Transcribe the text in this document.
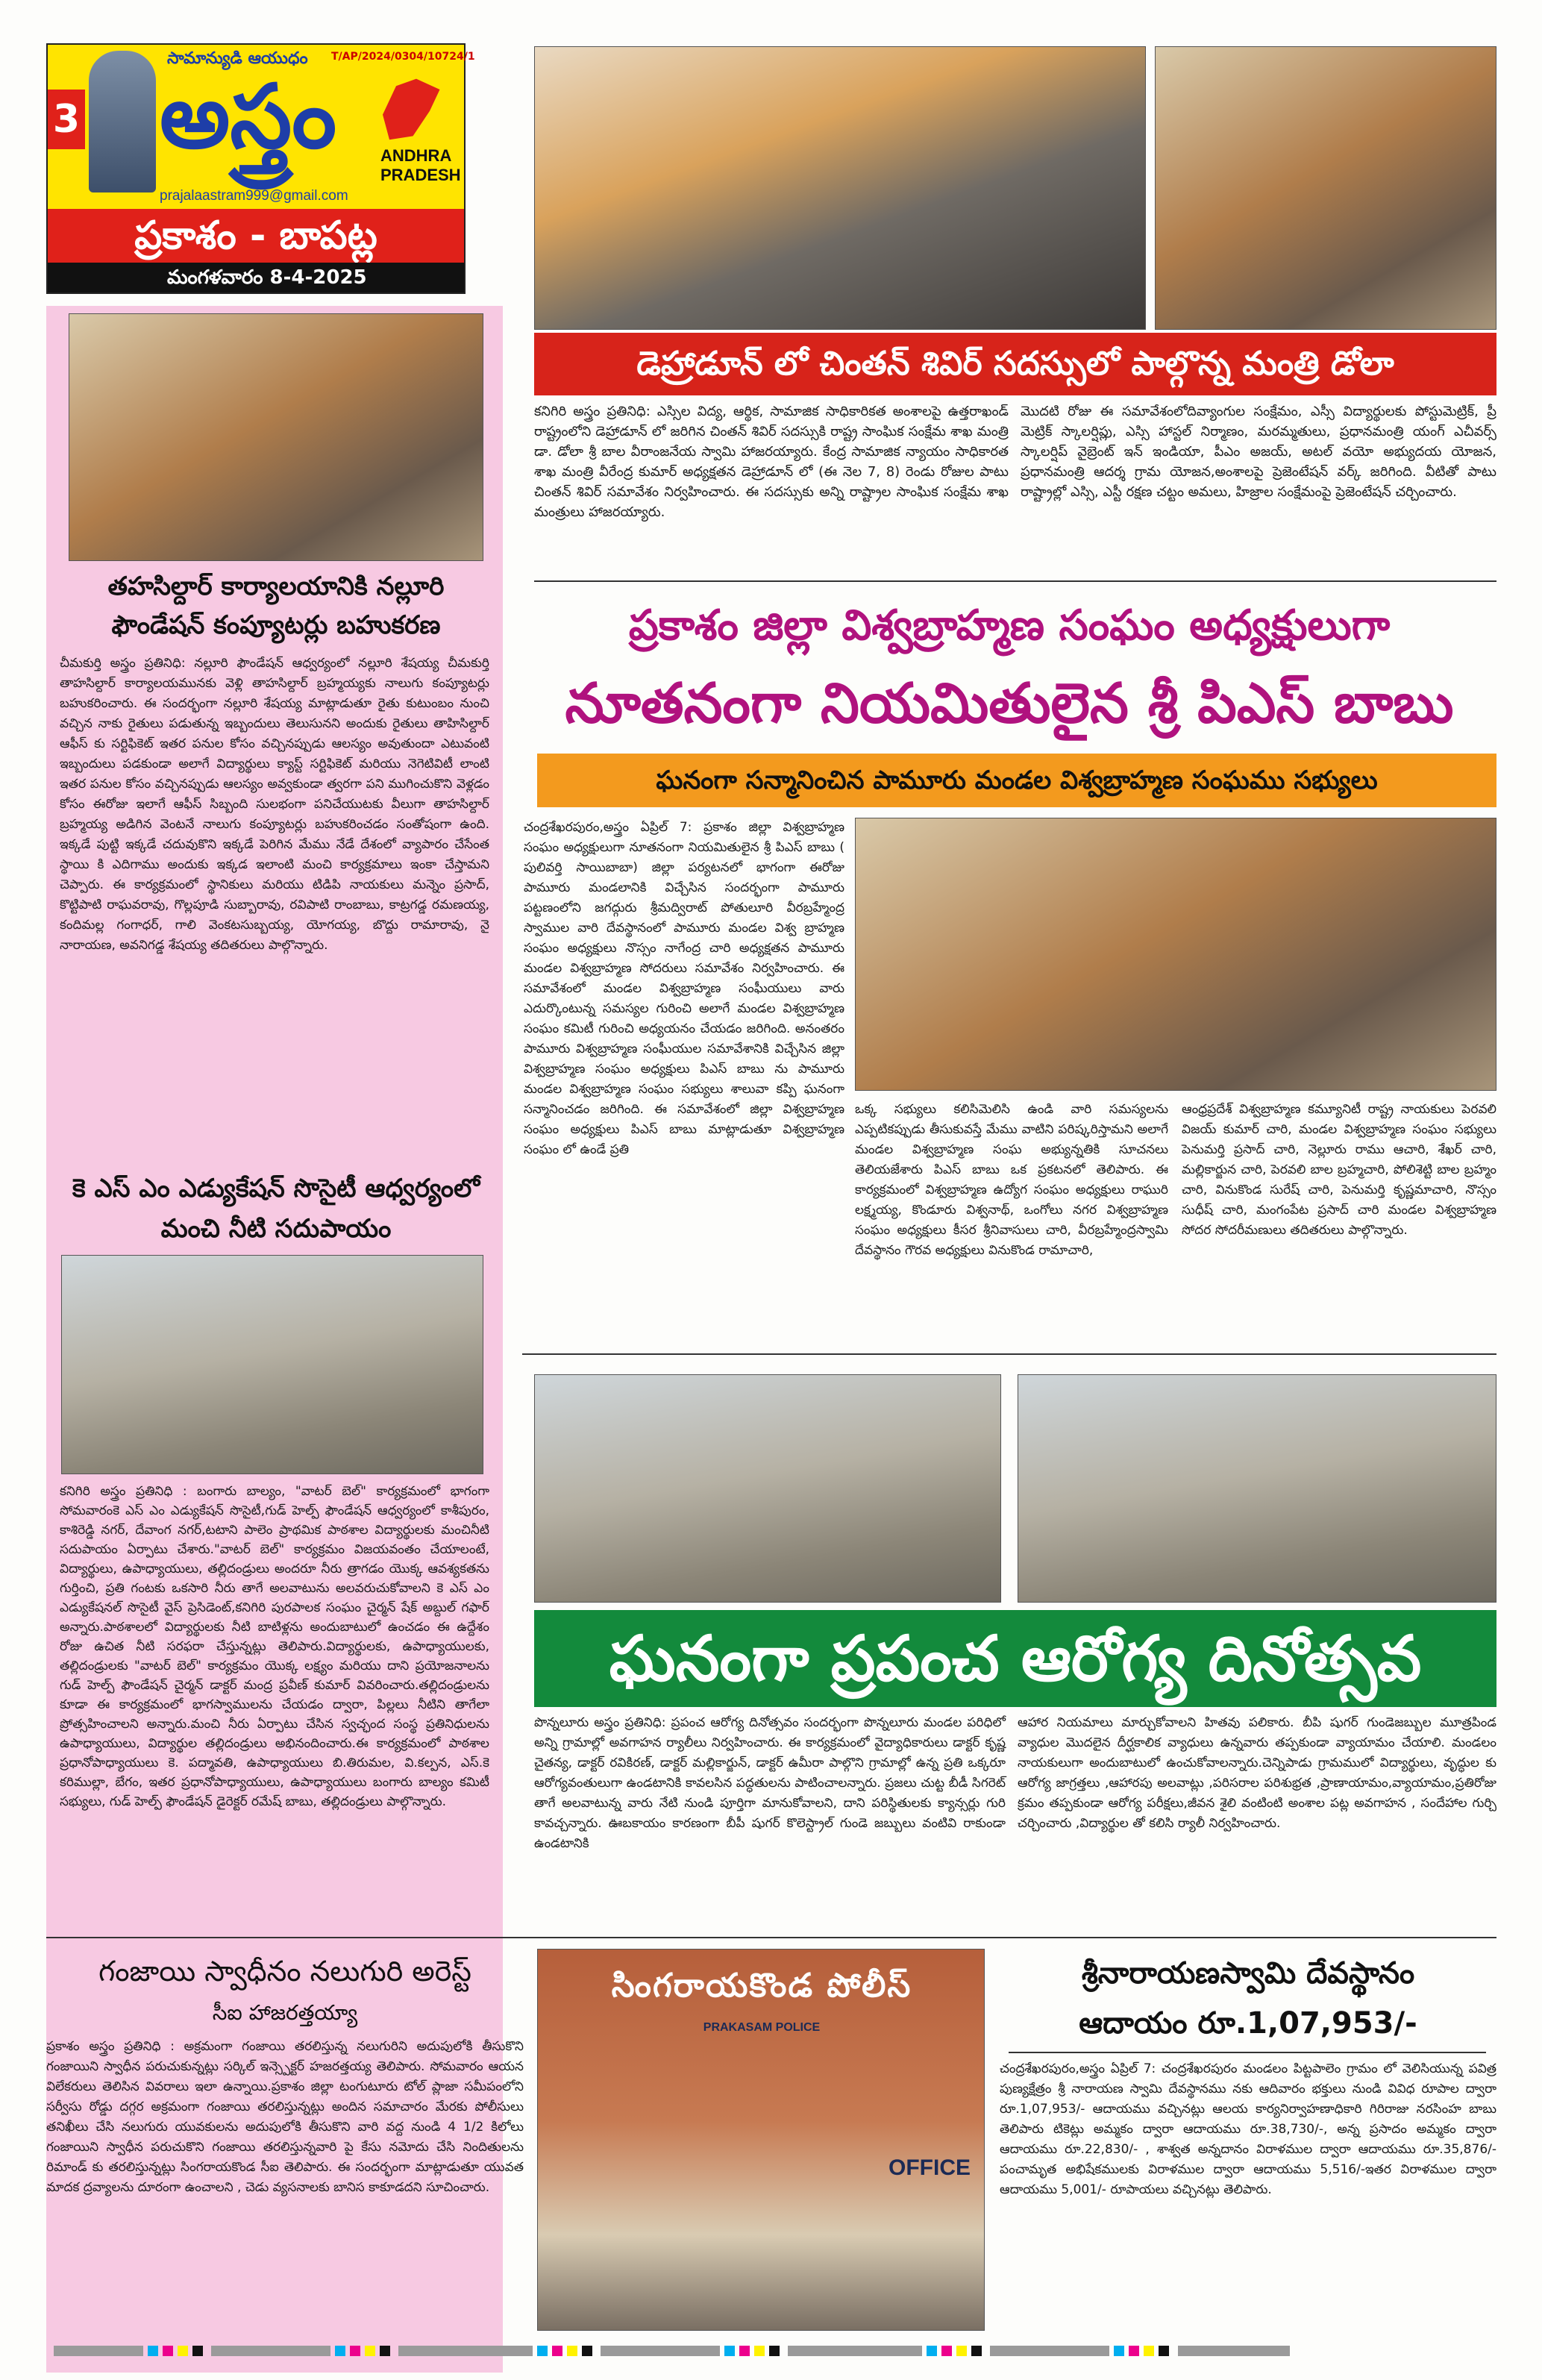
3
సామాన్యుడి ఆయుధం T/AP/2024/0304/10724/1
అస్త్రం	ANDHRA
PRADESH
prajalaastram999@gmail.com
ప్రకాశం - బాపట్ల
మంగళవారం 8-4-2025
డెహ్రాడూన్ లో చింతన్ శివిర్ సదస్సులో పాల్గొన్న మంత్రి డోలా
కనిగిరి అస్త్రం ప్రతినిధి: ఎస్సిల విద్య, ఆర్థిక, సామాజిక సాధికారికత అంశాలపై ఉత్తరాఖండ్ రాష్ట్రంలోని డెహ్రాడూన్ లో జరిగిన చింతన్ శివిర్ సదస్సుకి రాష్ట్ర సాంఘిక సంక్షేమ శాఖ మంత్రి డా. డోలా శ్రీ బాల వీరాంజనేయ స్వామి హాజరయ్యారు. కేంద్ర సామాజిక న్యాయం సాధికారత శాఖ మంత్రి వీరేంద్ర కుమార్ అధ్యక్షతన డెహ్రాడూన్ లో (ఈ నెల 7, 8) రెండు రోజుల పాటు చింతన్ శివిర్ సమావేశం నిర్వహించారు. ఈ సదస్సుకు అన్ని రాష్ట్రాల సాంఘిక సంక్షేమ శాఖ మంత్రులు హాజరయ్యారు.
మొదటి రోజు ఈ సమావేశంలోదివ్యాంగుల సంక్షేమం, ఎస్సీ విద్యార్థులకు పోస్టుమెట్రిక్, ప్రీ మెట్రిక్ స్కాలర్షిప్లు, ఎస్సి హాస్టల్ నిర్మాణం, మరమ్మతులు, ప్రధానమంత్రి యంగ్ ఎచీవర్స్ స్కాలర్షిప్ వైబ్రెంట్ ఇన్ ఇండియా, పీఎం అజయ్, అటల్ వయో అభ్యుదయ యోజన, ప్రధానమంత్రి ఆదర్శ గ్రామ యోజన,అంశాలపై ప్రెజెంటేషన్ వర్క్ జరిగింది. వీటితో పాటు రాష్ట్రాల్లో ఎస్సి, ఎస్టీ రక్షణ చట్టం అమలు, హిజ్రాల సంక్షేమంపై ప్రెజెంటేషన్ చర్చించారు.
తహసిల్దార్ కార్యాలయానికి నల్లూరి ఫౌండేషన్ కంప్యూటర్లు బహుకరణ
చీమకుర్తి అస్త్రం ప్రతినిధి: నల్లూరి ఫౌండేషన్ ఆధ్వర్యంలో నల్లూరి శేషయ్య చీమకుర్తి తాహసిల్దార్ కార్యాలయమునకు వెళ్లి తాహసిల్దార్ బ్రహ్మయ్యకు నాలుగు కంప్యూటర్లు బహుకరించారు. ఈ సందర్భంగా నల్లూరి శేషయ్య మాట్లాడుతూ రైతు కుటుంబం నుంచి వచ్చిన నాకు రైతులు పడుతున్న ఇబ్బందులు తెలుసునని అందుకు రైతులు తాహిసిల్దార్ ఆఫీస్ కు సర్టిఫికెట్ ఇతర పనుల కోసం వచ్చినప్పుడు ఆలస్యం అవుతుందా ఎటువంటి ఇబ్బందులు పడకుండా అలాగే విద్యార్థులు క్యాస్ట్ సర్టిఫికెట్ మరియు నెగెటివిటీ లాంటి ఇతర పనుల కోసం వచ్చినప్పుడు ఆలస్యం అవ్వకుండా త్వరగా పని ముగించుకొని వెళ్లడం కోసం ఈరోజు ఇలాగే ఆఫీస్ సిబ్బంది సులభంగా పనిచేయుటకు వీలుగా తాహసిల్దార్ బ్రహ్మయ్య అడిగిన వెంటనే నాలుగు కంప్యూటర్లు బహుకరించడం సంతోషంగా ఉంది. ఇక్కడే పుట్టి ఇక్కడే చదువుకొని ఇక్కడే పెరిగిన మేము నేడే దేశంలో వ్యాపారం చేసేంత స్థాయి కి ఎదిగాము అందుకు ఇక్కడ ఇలాంటి మంచి కార్యక్రమాలు ఇంకా చేస్తామని చెప్పారు. ఈ కార్యక్రమంలో స్థానికులు మరియు టిడిపి నాయకులు మన్నెం ప్రసాద్, కొట్టిపాటి రాఘవరావు, గొల్లపూడి సుబ్బారావు, రవిపాటి రాంబాబు, కాట్రగడ్డ రమణయ్య, కందిమల్ల గంగాధర్, గాలి వెంకటసుబ్బయ్య, యోగయ్య, బొద్దు రామారావు, నై నారాయణ, అవనిగడ్డ శేషయ్య తదితరులు పాల్గొన్నారు.
కె ఎస్ ఎం ఎడ్యుకేషన్ సొసైటీ ఆధ్వర్యంలో మంచి నీటి సదుపాయం
కనిగిరి అస్త్రం ప్రతినిధి : బంగారు బాల్యం, "వాటర్ బెల్" కార్యక్రమంలో భాగంగా సోమవారంకె ఎస్ ఎం ఎడ్యుకేషన్ సొసైటీ,గుడ్ హెల్ప్ ఫౌండేషన్ ఆధ్వర్యంలో కాశీపురం, కాశిరెడ్డి నగర్, దేవాంగ నగర్,టటాని పాలెం ప్రాథమిక పాఠశాల విద్యార్థులకు మంచినీటి సదుపాయం ఏర్పాటు చేశారు."వాటర్ బెల్" కార్యక్రమం విజయవంతం చేయాలంటే, విద్యార్థులు, ఉపాధ్యాయులు, తల్లిదండ్రులు అందరూ నీరు త్రాగడం యొక్క ఆవశ్యకతను గుర్తించి, ప్రతి గంటకు ఒకసారి నీరు తాగే అలవాటును అలవరుచుకోవాలని కె ఎస్ ఎం ఎడ్యుకేషనల్ సొసైటీ వైస్ ప్రెసిడెంట్,కనిగిరి పురపాలక సంఘం చైర్మన్ షేక్ అబ్దుల్ గఫార్ అన్నారు.పాఠశాలలో విద్యార్థులకు నీటి బాటిళ్లను అందుబాటులో ఉంచడం ఈ ఉద్దేశం రోజు ఉచిత నీటి సరఫరా చేస్తున్నట్లు తెలిపారు.విద్యార్థులకు, ఉపాధ్యాయులకు, తల్లిదండ్రులకు "వాటర్ బెల్" కార్యక్రమం యొక్క లక్ష్యం మరియు దాని ప్రయోజనాలను గుడ్ హెల్ప్ ఫౌండేషన్ చైర్మన్ డాక్టర్ మంద్ర ప్రవీణ్ కుమార్ వివరించారు.తల్లిదండ్రులను కూడా ఈ కార్యక్రమంలో భాగస్వాములను చేయడం ద్వారా, పిల్లలు నీటిని తాగేలా ప్రోత్సహించాలని అన్నారు.మంచి నీరు ఏర్పాటు చేసిన స్వచ్ఛంద సంస్థ ప్రతినిధులను ఉపాధ్యాయులు, విద్యార్థుల తల్లిదండ్రులు అభినందించారు.ఈ కార్యక్రమంలో పాఠశాల ప్రధానోపాధ్యాయులు కె. పద్మావతి, ఉపాధ్యాయులు బి.తిరుమల, వి.కల్పన, ఎస్.కె కరిముల్లా, బేగం, ఇతర ప్రధానోపాధ్యాయులు, ఉపాధ్యాయులు బంగారు బాల్యం కమిటీ సభ్యులు, గుడ్ హెల్ప్ ఫౌండేషన్ డైరెక్టర్ రమేష్ బాబు, తల్లిదండ్రులు పాల్గొన్నారు.
ప్రకాశం జిల్లా విశ్వబ్రాహ్మణ సంఘం అధ్యక్షులుగా
నూతనంగా నియమితులైన శ్రీ పిఎస్ బాబు
ఘనంగా సన్మానించిన పామూరు మండల విశ్వబ్రాహ్మణ సంఘము సభ్యులు
చంద్రశేఖరపురం,అస్త్రం ఏప్రిల్ 7: ప్రకాశం జిల్లా విశ్వబ్రాహ్మణ సంఘం అధ్యక్షులుగా నూతనంగా నియమితులైన శ్రీ పిఎస్ బాబు ( పులివర్తి సాయిబాబా) జిల్లా పర్యటనలో భాగంగా ఈరోజు పామూరు మండలానికి విచ్చేసిన సందర్భంగా పామూరు పట్టణంలోని జగద్గురు శ్రీమద్విరాట్ పోతులూరి వీరబ్రహ్మేంద్ర స్వాముల వారి దేవస్థానంలో పామూరు మండల విశ్వ బ్రాహ్మణ సంఘం అధ్యక్షులు నొస్సం నాగేంద్ర చారి అధ్యక్షతన పామూరు మండల విశ్వబ్రాహ్మణ సోదరులు సమావేశం నిర్వహించారు. ఈ సమావేశంలో మండల విశ్వబ్రాహ్మణ సంఘీయులు వారు ఎదుర్కొంటున్న సమస్యల గురించి అలాగే మండల విశ్వబ్రాహ్మణ సంఘం కమిటీ గురించి అధ్యయనం చేయడం జరిగింది. అనంతరం పామూరు విశ్వబ్రాహ్మణ సంఘీయుల సమావేశానికి విచ్చేసిన జిల్లా విశ్వబ్రాహ్మణ సంఘం అధ్యక్షులు పిఎస్ బాబు ను పామూరు మండల విశ్వబ్రాహ్మణ సంఘం సభ్యులు శాలువా కప్పి ఘనంగా సన్మానించడం జరిగింది. ఈ సమావేశంలో జిల్లా విశ్వబ్రాహ్మణ సంఘం అధ్యక్షులు పిఎస్ బాబు మాట్లాడుతూ విశ్వబ్రాహ్మణ సంఘం లో ఉండే ప్రతి
ఒక్క సభ్యులు కలిసిమెలిసి ఉండి వారి సమస్యలను ఎప్పటికప్పుడు తీసుకువస్తే మేము వాటిని పరిష్కరిస్తామని అలాగే మండల విశ్వబ్రాహ్మణ సంఘ అభ్యున్నతికి సూచనలు తెలియజేశారు పిఎస్ బాబు ఒక ప్రకటనలో తెలిపారు. ఈ కార్యక్రమంలో విశ్వబ్రాహ్మణ ఉద్యోగ సంఘం అధ్యక్షులు రాఘురి లక్ష్మయ్య, కొండూరు విశ్వనాథ్, ఒంగోలు నగర విశ్వబ్రాహ్మణ సంఘం అధ్యక్షులు కీసర శ్రీనివాసులు చారి, వీరబ్రహ్మేంద్రస్వామి దేవస్థానం గౌరవ అధ్యక్షులు వినుకొండ రామాచారి,
ఆంధ్రప్రదేశ్ విశ్వబ్రాహ్మణ కమ్యూనిటీ రాష్ట్ర నాయకులు పెరవలి విజయ్ కుమార్ చారి, మండల విశ్వబ్రాహ్మణ సంఘం సభ్యులు పెనుమర్తి ప్రసాద్ చారి, నెల్లూరు రాము ఆచారి, శేఖర్ చారి, మల్లికార్జున చారి, పెరవలి బాల బ్రహ్మచారి, పోలిశెట్టి బాల బ్రహ్మం చారి, వినుకొండ సురేష్ చారి, పెనుమర్తి కృష్ణమాచారి, నొస్సం సుధీష్ చారి, మంగంపేట ప్రసాద్ చారి మండల విశ్వబ్రాహ్మణ సోదర సోదరీమణులు తదితరులు పాల్గొన్నారు.
ఘనంగా ప్రపంచ ఆరోగ్య దినోత్సవ
పొన్నలూరు అస్త్రం ప్రతినిధి: ప్రపంచ ఆరోగ్య దినోత్సవం సందర్భంగా పొన్నలూరు మండల పరిధిలో అన్ని గ్రామాల్లో అవగాహన ర్యాలీలు నిర్వహించారు. ఈ కార్యక్రమంలో వైద్యాధికారులు డాక్టర్ కృష్ణ చైతన్య, డాక్టర్ రవికిరణ్, డాక్టర్ మల్లికార్జున్, డాక్టర్ ఉమీరా పాల్గొని గ్రామాల్లో ఉన్న ప్రతి ఒక్కరూ ఆరోగ్యవంతులుగా ఉండటానికి కావలసిన పద్ధతులను పాటించాలన్నారు. ప్రజలు చుట్ట బీడీ సిగరెట్ తాగే అలవాటున్న వారు నేటి నుండి పూర్తిగా మానుకోవాలని, దాని పరిస్థితులకు క్యాన్సర్లు గురి కావచ్చన్నారు. ఊబకాయం కారణంగా బీపీ షుగర్ కొలెస్ట్రాల్ గుండె జబ్బులు వంటివి రాకుండా ఉండటానికి
ఆహార నియమాలు మార్చుకోవాలని హితవు పలికారు. బీపి షుగర్ గుండెజబ్బుల మూత్రపిండ వ్యాధుల మొదలైన దీర్ఘకాలిక వ్యాధులు ఉన్నవారు తప్పకుండా వ్యాయామం చేయాలి. మండలం నాయకులుగా అందుబాటులో ఉంచుకోవాలన్నారు.చెన్నిపాడు గ్రామములో విద్యార్థులు, వృద్ధుల కు ఆరోగ్య జాగ్రత్తలు ,ఆహారపు అలవాట్లు ,పరిసరాల పరిశుభ్రత ,ప్రాణాయామం,వ్యాయామం,ప్రతిరోజు క్రమం తప్పకుండా ఆరోగ్య పరీక్షలు,జీవన శైలి వంటింటి అంశాల పట్ల అవగాహన , సందేహాల గుర్చి చర్చించారు ,విద్యార్థుల తో కలిసి ర్యాలీ నిర్వహించారు.
గంజాయి స్వాధీనం నలుగురి అరెస్ట్
సీఐ హాజరత్తయ్యా
ప్రకాశం అస్త్రం ప్రతినిధి : అక్రమంగా గంజాయి తరలిస్తున్న నలుగురిని అదుపులోకి తీసుకొని గంజాయిని స్వాధీన పరుచుకున్నట్లు సర్కిల్ ఇన్స్పెక్టర్ హజరత్తయ్య తెలిపారు. సోమవారం ఆయన విలేకరులు తెలిసిన వివరాలు ఇలా ఉన్నాయి.ప్రకాశం జిల్లా టంగుటూరు టోల్ ప్లాజా సమీపంలోని సర్వీసు రోడ్డు దగ్గర అక్రమంగా గంజాయి తరలిస్తున్నట్లు అందిన సమాచారం మేరకు పోలీసులు తనిఖీలు చేసి నలుగురు యువకులను అదుపులోకి తీసుకొని వారి వద్ద నుండి 4 1/2 కిలోలు గంజాయిని స్వాధీన పరుచుకొని గంజాయి తరలిస్తున్నవారి పై కేసు నమోదు చేసి నిందితులను రిమాండ్ కు తరలిస్తున్నట్లు సింగరాయకొండ సీఐ తెలిపారు. ఈ సందర్భంగా మాట్లాడుతూ యువత మాదక ద్రవ్యాలను దూరంగా ఉంచాలని , చెడు వ్యసనాలకు బానిస కాకూడదని సూచించారు.
సింగరాయకొండ పోలీస్
PRAKASAM POLICE
OFFICE
శ్రీనారాయణస్వామి దేవస్థానం
ఆదాయం రూ.1,07,953/-
చంద్రశేఖరపురం,అస్త్రం ఏప్రిల్ 7: చంద్రశేఖరపురం మండలం పిట్టపాలెం గ్రామం లో వెలిసియున్న పవిత్ర పుణ్యక్షేత్రం శ్రీ నారాయణ స్వామి దేవస్థానము నకు ఆదివారం భక్తులు నుండి వివిధ రూపాల ద్వారా రూ.1,07,953/- ఆదాయము వచ్చినట్లు ఆలయ కార్యనిర్వాహణాధికారి గిరిరాజు నరసింహ బాబు తెలిపారు టికెట్లు అమ్మకం ద్వారా ఆదాయము రూ.38,730/-, అన్న ప్రసాదం అమ్మకం ద్వారా ఆదాయము రూ.22,830/- , శాశ్వత అన్నదానం విరాళముల ద్వారా ఆదాయము రూ.35,876/- పంచామృత అభిషేకములకు విరాళముల ద్వారా ఆదాయము 5,516/-ఇతర విరాళముల ద్వారా ఆదాయము 5,001/- రూపాయలు వచ్చినట్లు తెలిపారు.
